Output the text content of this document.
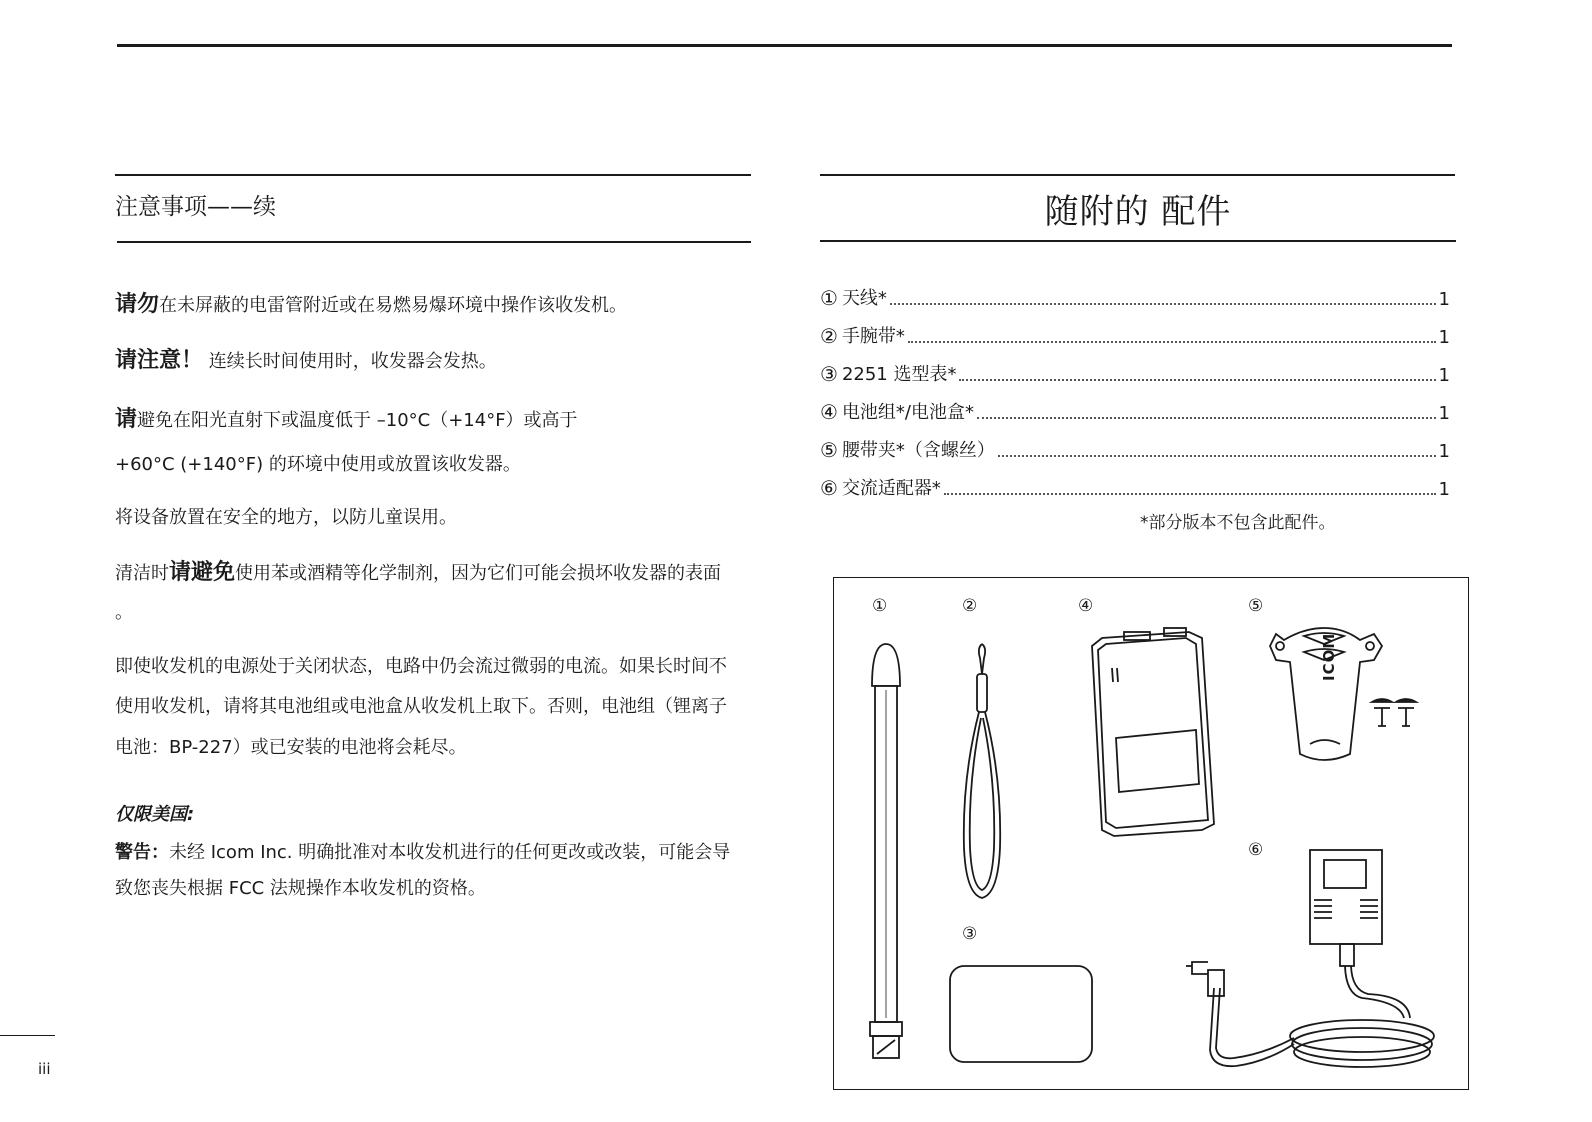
注意事项——续
请勿在未屏蔽的电雷管附近或在易燃易爆环境中操作该收发机。
请注意！ 连续长时间使用时，收发器会发热。
请避免在阳光直射下或温度低于 –10°C（+14°F）或高于
+60°C (+140°F) 的环境中使用或放置该收发器。
将设备放置在安全的地方，以防儿童误用。
清洁时请避免使用苯或酒精等化学制剂，因为它们可能会损坏收发器的表面
。
即使收发机的电源处于关闭状态，电路中仍会流过微弱的电流。如果长时间不
使用收发机，请将其电池组或电池盒从收发机上取下。否则，电池组（锂离子
电池：BP-227）或已安装的电池将会耗尽。
仅限美国:
警告：未经 Icom Inc. 明确批准对本收发机进行的任何更改或改装，可能会导
致您丧失根据 FCC 法规操作本收发机的资格。
随附的 配件
① 天线*	1
② 手腕带*	1
③ 2251 选型表*	1
④ 电池组*/电池盒*	1
⑤ 腰带夹*（含螺丝）	1
⑥ 交流适配器*	1
*部分版本不包含此配件。
①	②	④	⑤
⑥
③
ICOM
iii
